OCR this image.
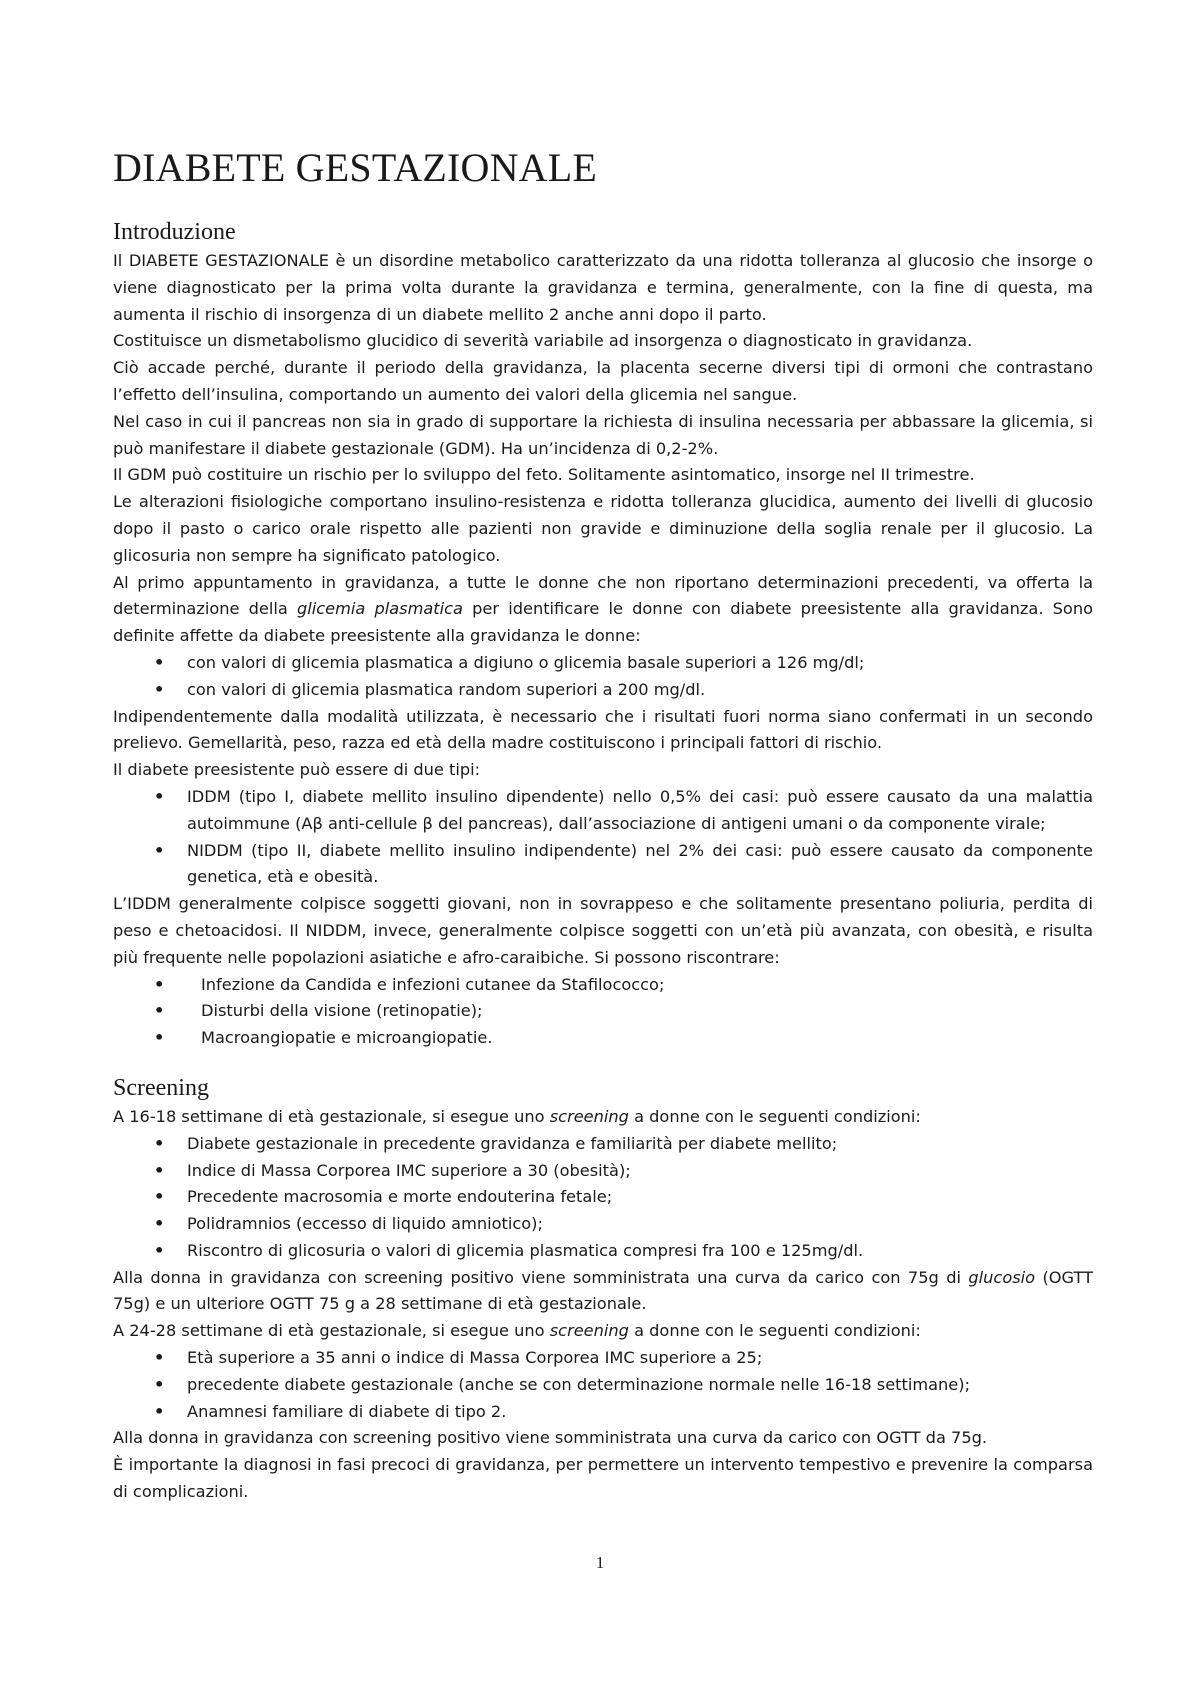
DIABETE GESTAZIONALE
Introduzione

Il DIABETE GESTAZIONALE è un disordine metabolico caratterizzato da una ridotta tolleranza al glucosio che insorge o viene diagnosticato per la prima volta durante la gravidanza e termina, generalmente, con la fine di questa, ma aumenta il rischio di insorgenza di un diabete mellito 2 anche anni dopo il parto.

Costituisce un dismetabolismo glucidico di severità variabile ad insorgenza o diagnosticato in gravidanza.

Ciò accade perché, durante il periodo della gravidanza, la placenta secerne diversi tipi di ormoni che contrastano l’effetto dell’insulina, comportando un aumento dei valori della glicemia nel sangue.

Nel caso in cui il pancreas non sia in grado di supportare la richiesta di insulina necessaria per abbassare la glicemia, si può manifestare il diabete gestazionale (GDM). Ha un’incidenza di 0,2-2%.

Il GDM può costituire un rischio per lo sviluppo del feto. Solitamente asintomatico, insorge nel II trimestre.

Le alterazioni fisiologiche comportano insulino-resistenza e ridotta tolleranza glucidica, aumento dei livelli di glucosio dopo il pasto o carico orale rispetto alle pazienti non gravide e diminuzione della soglia renale per il glucosio. La glicosuria non sempre ha significato patologico.

Al primo appuntamento in gravidanza, a tutte le donne che non riportano determinazioni precedenti, va offerta la determinazione della glicemia plasmatica per identificare le donne con diabete preesistente alla gravidanza. Sono definite affette da diabete preesistente alla gravidanza le donne:

• con valori di glicemia plasmatica a digiuno o glicemia basale superiori a 126 mg/dl;
• con valori di glicemia plasmatica random superiori a 200 mg/dl.

Indipendentemente dalla modalità utilizzata, è necessario che i risultati fuori norma siano confermati in un secondo prelievo. Gemellarità, peso, razza ed età della madre costituiscono i principali fattori di rischio.

Il diabete preesistente può essere di due tipi:

• IDDM (tipo I, diabete mellito insulino dipendente) nello 0,5% dei casi: può essere causato da una malattia autoimmune (Aβ anti-cellule β del pancreas), dall’associazione di antigeni umani o da componente virale;
• NIDDM (tipo II, diabete mellito insulino indipendente) nel 2% dei casi: può essere causato da componente genetica, età e obesità.

L’IDDM generalmente colpisce soggetti giovani, non in sovrappeso e che solitamente presentano poliuria, perdita di peso e chetoacidosi. Il NIDDM, invece, generalmente colpisce soggetti con un’età più avanzata, con obesità, e risulta più frequente nelle popolazioni asiatiche e afro-caraibiche. Si possono riscontrare:

• Infezione da Candida e infezioni cutanee da Stafilococco;
• Disturbi della visione (retinopatie);
• Macroangiopatie e microangiopatie.
Screening

A 16-18 settimane di età gestazionale, si esegue uno screening a donne con le seguenti condizioni:

• Diabete gestazionale in precedente gravidanza e familiarità per diabete mellito;
• Indice di Massa Corporea IMC superiore a 30 (obesità);
• Precedente macrosomia e morte endouterina fetale;
• Polidramnios (eccesso di liquido amniotico);
• Riscontro di glicosuria o valori di glicemia plasmatica compresi fra 100 e 125mg/dl.

Alla donna in gravidanza con screening positivo viene somministrata una curva da carico con 75g di glucosio (OGTT 75g) e un ulteriore OGTT 75 g a 28 settimane di età gestazionale.

A 24-28 settimane di età gestazionale, si esegue uno screening a donne con le seguenti condizioni:

• Età superiore a 35 anni o indice di Massa Corporea IMC superiore a 25;
• precedente diabete gestazionale (anche se con determinazione normale nelle 16-18 settimane);
• Anamnesi familiare di diabete di tipo 2.

Alla donna in gravidanza con screening positivo viene somministrata una curva da carico con OGTT da 75g.

È importante la diagnosi in fasi precoci di gravidanza, per permettere un intervento tempestivo e prevenire la comparsa di complicazioni.

1
